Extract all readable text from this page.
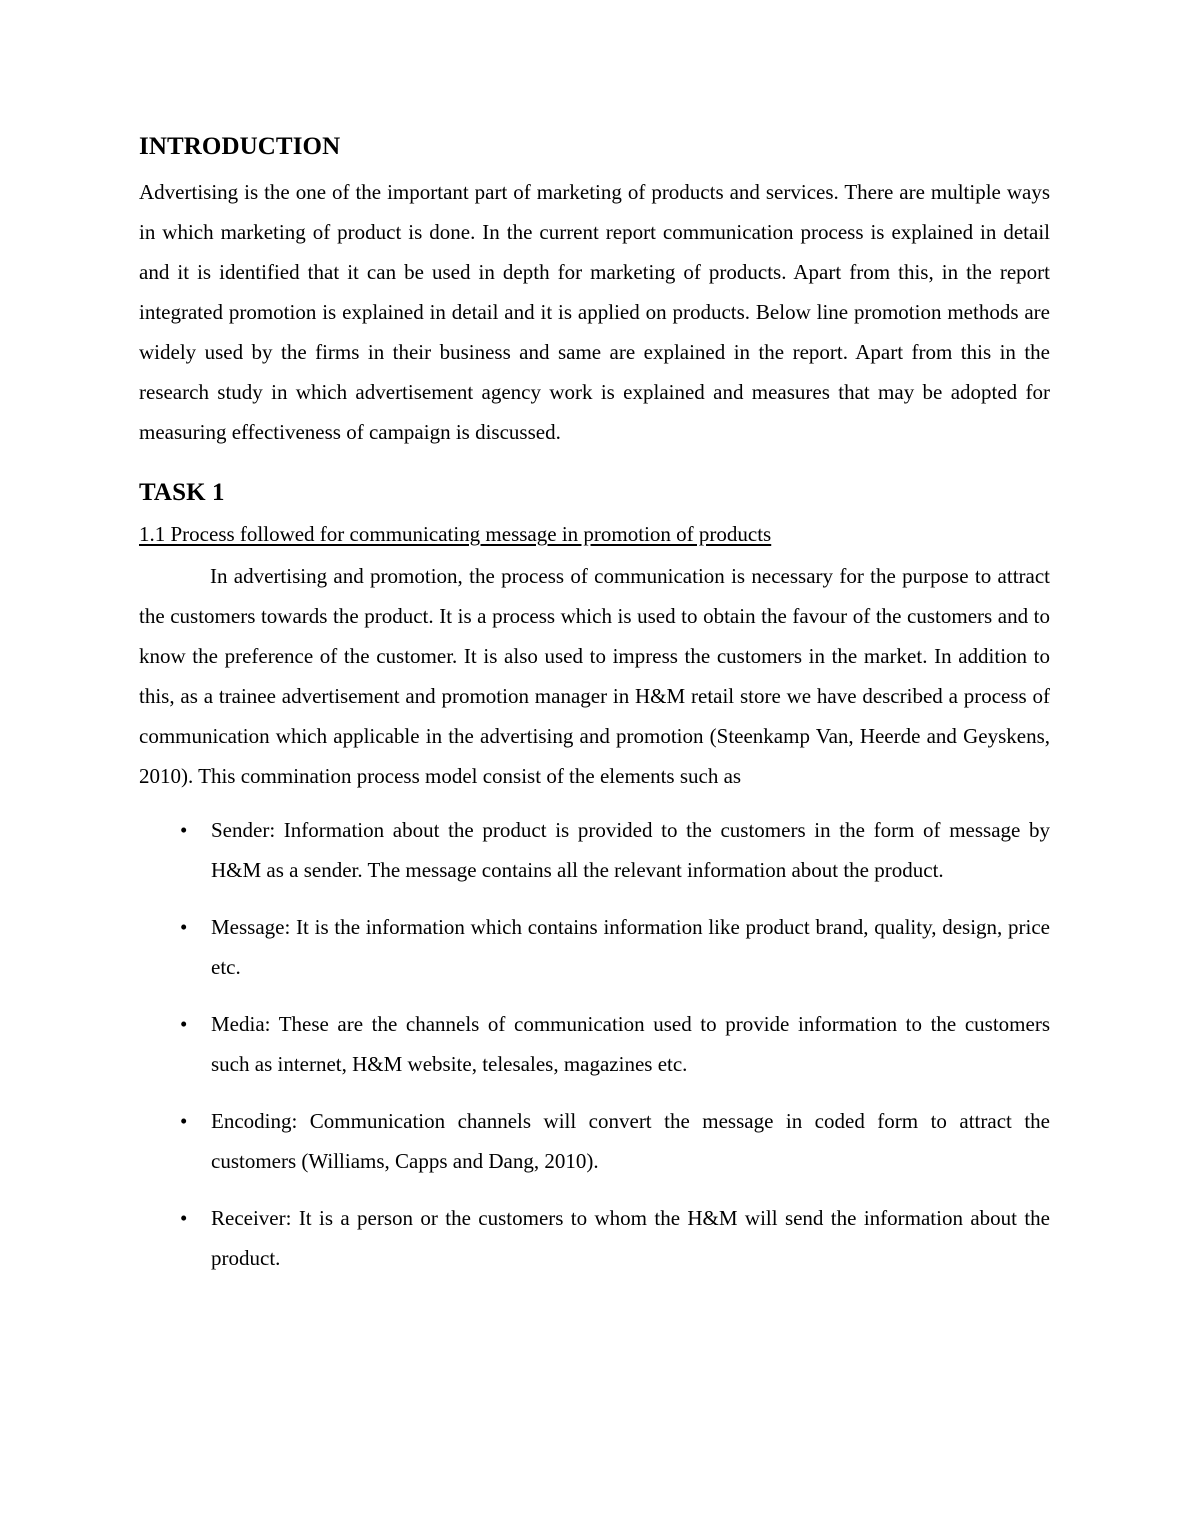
INTRODUCTION

Advertising is the one of the important part of marketing of products and services. There are multiple ways in which marketing of product is done. In the current report communication process is explained in detail and it is identified that it can be used in depth for marketing of products. Apart from this, in the report integrated promotion is explained in detail and it is applied on products. Below line promotion methods are widely used by the firms in their business and same are explained in the report. Apart from this in the research study in which advertisement agency work is explained and measures that may be adopted for measuring effectiveness of campaign is discussed.

TASK 1
1.1 Process followed for communicating message in promotion of products

In advertising and promotion, the process of communication is necessary for the purpose to attract the customers towards the product. It is a process which is used to obtain the favour of the customers and to know the preference of the customer. It is also used to impress the customers in the market. In addition to this, as a trainee advertisement and promotion manager in H&M retail store we have described a process of communication which applicable in the advertising and promotion (Steenkamp Van, Heerde and Geyskens, 2010). This commination process model consist of the elements such as

• Sender: Information about the product is provided to the customers in the form of message by H&M as a sender. The message contains all the relevant information about the product.
• Message: It is the information which contains information like product brand, quality, design, price etc.
• Media: These are the channels of communication used to provide information to the customers such as internet, H&M website, telesales, magazines etc.
• Encoding: Communication channels will convert the message in coded form to attract the customers (Williams, Capps and Dang, 2010).
• Receiver: It is a person or the customers to whom the H&M will send the information about the product.
